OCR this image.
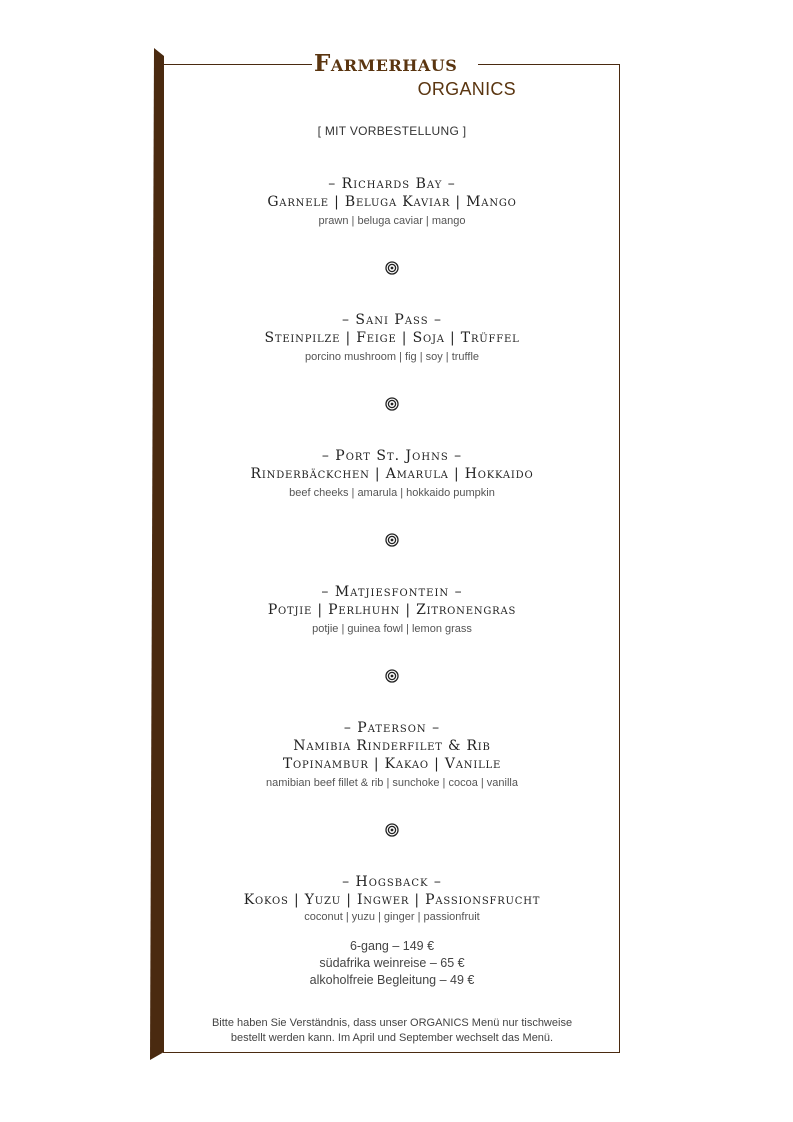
Farmerhaus
ORGANICS
[ MIT VORBESTELLUNG ]
– Richards Bay –
Garnele | Beluga Kaviar | Mango
prawn | beluga caviar | mango
– Sani Pass –
Steinpilze | Feige | Soja | Trüffel
porcino mushroom | fig | soy | truffle
– Port St. Johns –
Rinderbäckchen | Amarula | Hokkaido
beef cheeks | amarula | hokkaido pumpkin
– Matjiesfontein –
Potjie | Perlhuhn | Zitronengras
potjie | guinea fowl | lemon grass
– Paterson –
Namibia Rinderfilet & Rib
Topinambur | Kakao | Vanille
namibian beef fillet & rib | sunchoke | cocoa | vanilla
– Hogsback –
Kokos | Yuzu | Ingwer | Passionsfrucht
coconut | yuzu | ginger | passionfruit
6-gang – 149 €
südafrika weinreise – 65 €
alkoholfreie Begleitung – 49 €
Bitte haben Sie Verständnis, dass unser ORGANICS Menü nur tischweise
bestellt werden kann. Im April und September wechselt das Menü.
